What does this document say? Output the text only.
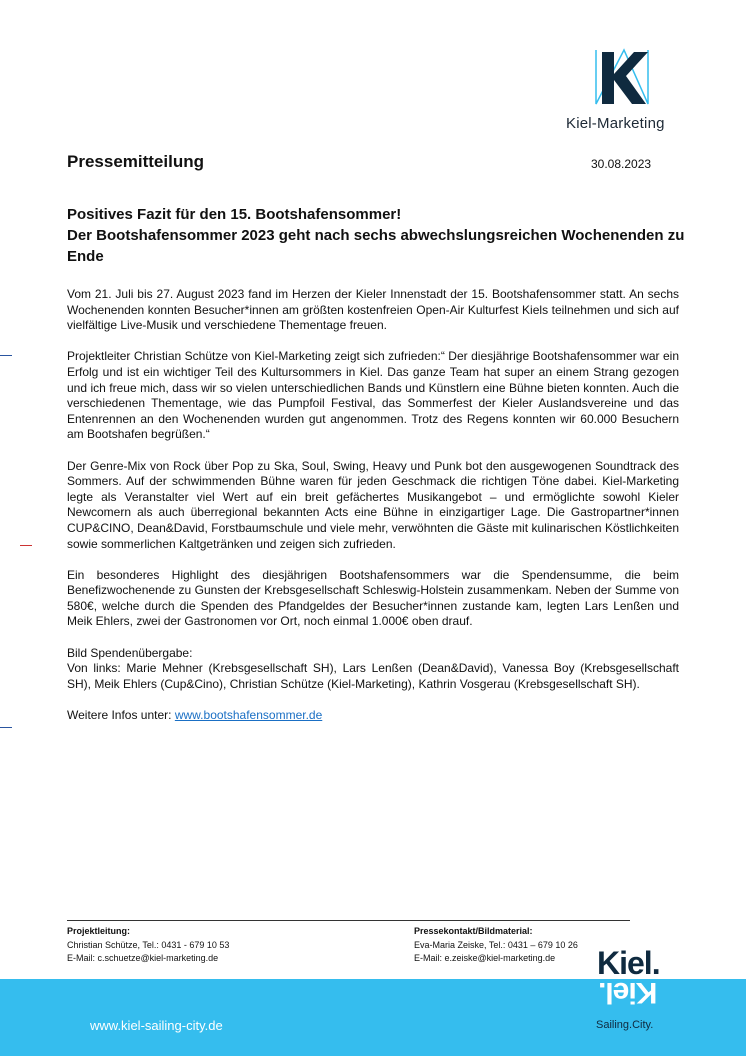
Kiel-Marketing
Pressemitteilung	30.08.2023
Positives Fazit für den 15. Bootshafensommer!
Der Bootshafensommer 2023 geht nach sechs abwechslungsreichen Wochenenden zu Ende

Vom 21. Juli bis 27. August 2023 fand im Herzen der Kieler Innenstadt der 15. Bootshafensommer statt. An sechs Wochenenden konnten Besucher*innen am größten kostenfreien Open-Air Kulturfest Kiels teilnehmen und sich auf vielfältige Live-Musik und verschiedene Thementage freuen.

Projektleiter Christian Schütze von Kiel-Marketing zeigt sich zufrieden:“ Der diesjährige Bootshafensommer war ein Erfolg und ist ein wichtiger Teil des Kultursommers in Kiel. Das ganze Team hat super an einem Strang gezogen und ich freue mich, dass wir so vielen unterschiedlichen Bands und Künstlern eine Bühne bieten konnten. Auch die verschiedenen Thementage, wie das Pumpfoil Festival, das Sommerfest der Kieler Auslandsvereine und das Entenrennen an den Wochenenden wurden gut angenommen. Trotz des Regens konnten wir 60.000 Besuchern am Bootshafen begrüßen.“

Der Genre-Mix von Rock über Pop zu Ska, Soul, Swing, Heavy und Punk bot den ausgewogenen Soundtrack des Sommers. Auf der schwimmenden Bühne waren für jeden Geschmack die richtigen Töne dabei. Kiel-Marketing legte als Veranstalter viel Wert auf ein breit gefächertes Musikangebot – und ermöglichte sowohl Kieler Newcomern als auch überregional bekannten Acts eine Bühne in einzigartiger Lage. Die Gastropartner*innen CUP&CINO, Dean&David, Forstbaumschule und viele mehr, verwöhnten die Gäste mit kulinarischen Köstlichkeiten sowie sommerlichen Kaltgetränken und zeigen sich zufrieden.

Ein besonderes Highlight des diesjährigen Bootshafensommers war die Spendensumme, die beim Benefizwochenende zu Gunsten der Krebsgesellschaft Schleswig-Holstein zusammenkam. Neben der Summe von 580€, welche durch die Spenden des Pfandgeldes der Besucher*innen zustande kam, legten Lars Lenßen und Meik Ehlers, zwei der Gastronomen vor Ort, noch einmal 1.000€ oben drauf.

Bild Spendenübergabe:
Von links: Marie Mehner (Krebsgesellschaft SH), Lars Lenßen (Dean&David), Vanessa Boy (Krebsgesellschaft SH), Meik Ehlers (Cup&Cino), Christian Schütze (Kiel-Marketing), Kathrin Vosgerau (Krebsgesellschaft SH).

Weitere Infos unter: www.bootshafensommer.de

Projektleitung:
Christian Schütze, Tel.: 0431 - 679 10 53
E-Mail: c.schuetze@kiel-marketing.de
Pressekontakt/Bildmaterial:
Eva-Maria Zeiske, Tel.: 0431 – 679 10 26
E-Mail: e.zeiske@kiel-marketing.de
www.kiel-sailing-city.de
Kiel.
Kiel.
Sailing.City.
